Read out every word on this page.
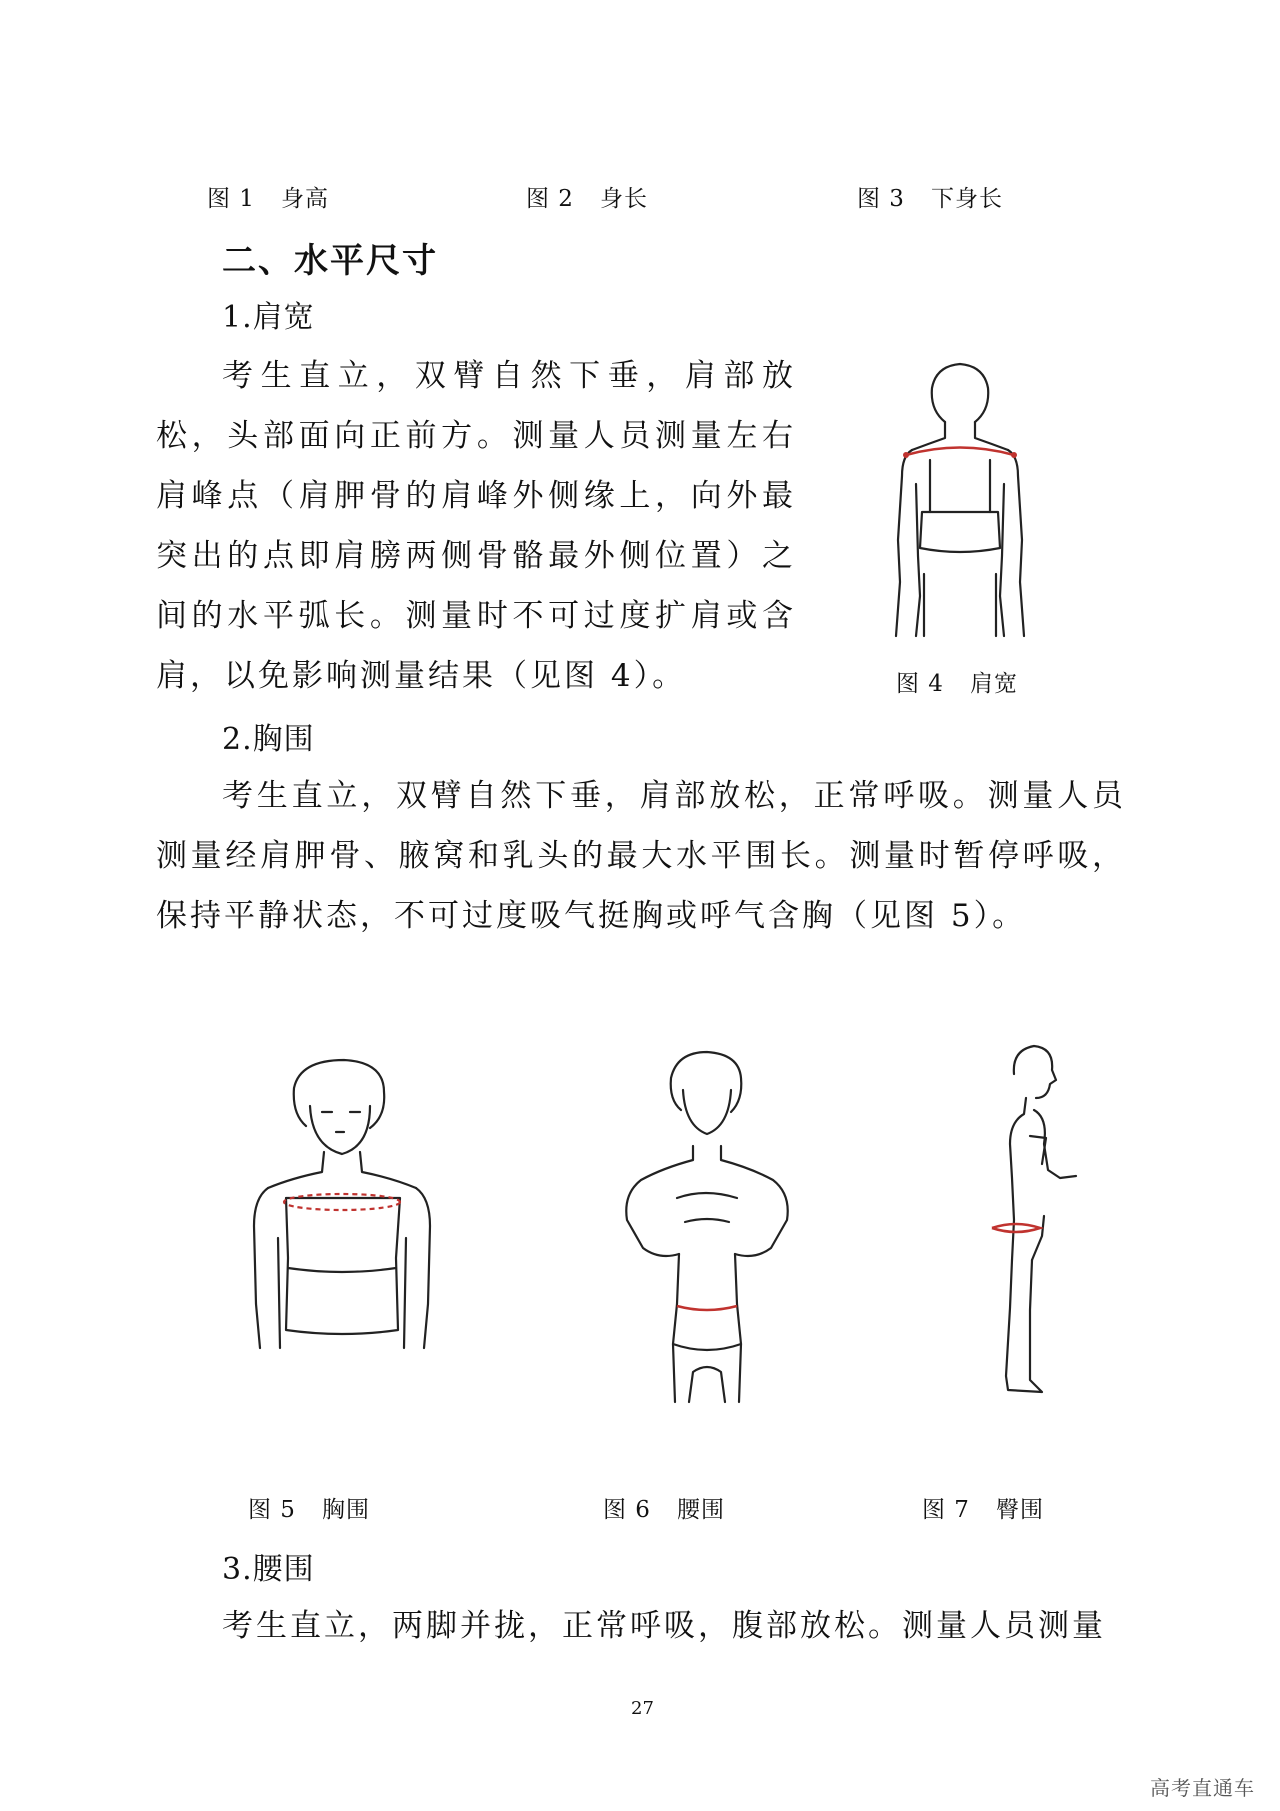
图 1 身高	图 2 身长	图 3 下身长
二、水平尺寸
1.肩宽

考生直立，双臂自然下垂，肩部放松，头部面向正前方。测量人员测量左右肩峰点（肩胛骨的肩峰外侧缘上，向外最突出的点即肩膀两侧骨骼最外侧位置）之间的水平弧长。测量时不可过度扩肩或含肩，以免影响测量结果（见图 4）。	图 4 肩宽
2.胸围

考生直立，双臂自然下垂，肩部放松，正常呼吸。测量人员测量经肩胛骨、腋窝和乳头的最大水平围长。测量时暂停呼吸，保持平静状态，不可过度吸气挺胸或呼气含胸（见图 5）。

图 5 胸围	图 6 腰围	图 7 臀围
3.腰围

考生直立，两脚并拢，正常呼吸，腹部放松。测量人员测量

27
高考直通车
